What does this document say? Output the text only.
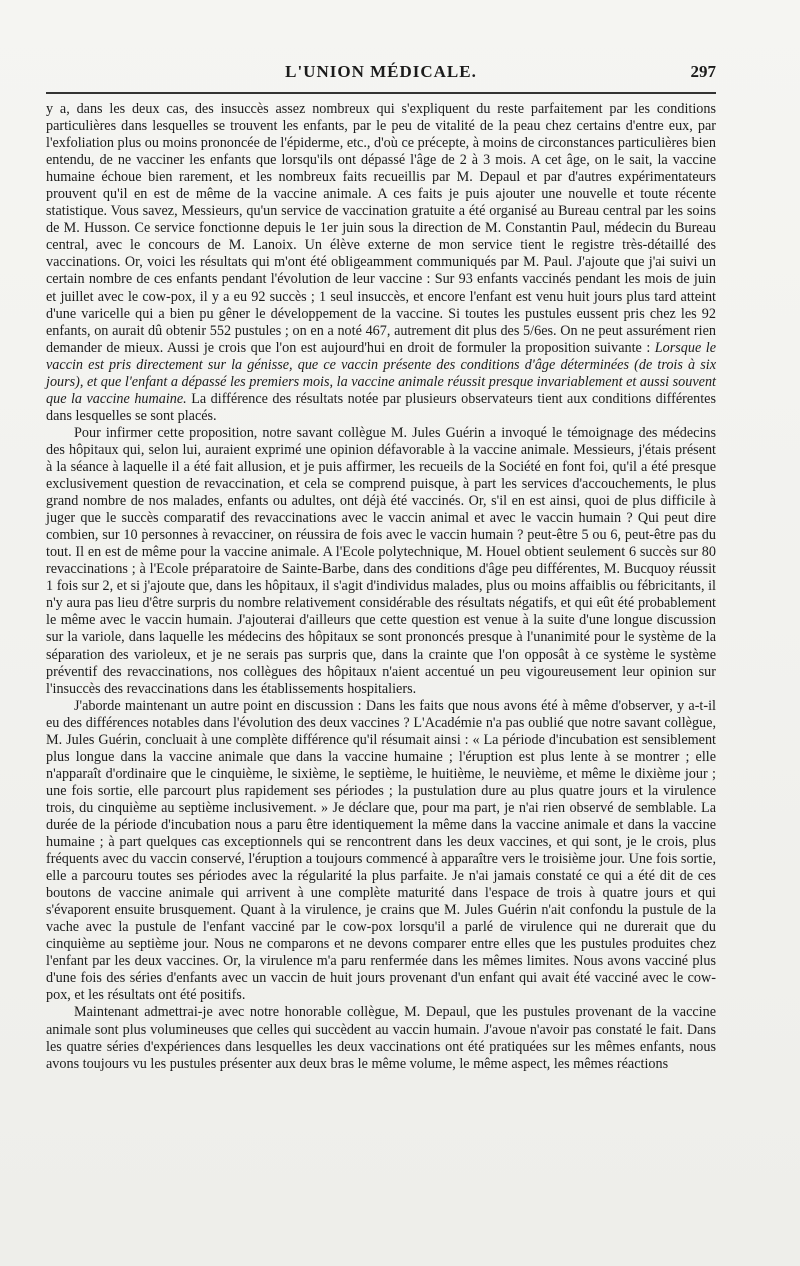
L'UNION MÉDICALE.	297

y a, dans les deux cas, des insuccès assez nombreux qui s'expliquent du reste parfaitement par les conditions particulières dans lesquelles se trouvent les enfants, par le peu de vitalité de la peau chez certains d'entre eux, par l'exfoliation plus ou moins prononcée de l'épiderme, etc., d'où ce précepte, à moins de circonstances particulières bien entendu, de ne vacciner les enfants que lorsqu'ils ont dépassé l'âge de 2 à 3 mois. A cet âge, on le sait, la vaccine humaine échoue bien rarement, et les nombreux faits recueillis par M. Depaul et par d'autres expérimentateurs prouvent qu'il en est de même de la vaccine animale. A ces faits je puis ajouter une nouvelle et toute récente statistique. Vous savez, Messieurs, qu'un service de vaccination gratuite a été organisé au Bureau central par les soins de M. Husson. Ce service fonctionne depuis le 1er juin sous la direction de M. Constantin Paul, médecin du Bureau central, avec le concours de M. Lanoix. Un élève externe de mon service tient le registre très-détaillé des vaccinations. Or, voici les résultats qui m'ont été obligeamment communiqués par M. Paul. J'ajoute que j'ai suivi un certain nombre de ces enfants pendant l'évolution de leur vaccine : Sur 93 enfants vaccinés pendant les mois de juin et juillet avec le cow-pox, il y a eu 92 succès ; 1 seul insuccès, et encore l'enfant est venu huit jours plus tard atteint d'une varicelle qui a bien pu gêner le développement de la vaccine. Si toutes les pustules eussent pris chez les 92 enfants, on aurait dû obtenir 552 pustules ; on en a noté 467, autrement dit plus des 5/6es. On ne peut assurément rien demander de mieux. Aussi je crois que l'on est aujourd'hui en droit de formuler la proposition suivante : Lorsque le vaccin est pris directement sur la génisse, que ce vaccin présente des conditions d'âge déterminées (de trois à six jours), et que l'enfant a dépassé les premiers mois, la vaccine animale réussit presque invariablement et aussi souvent que la vaccine humaine. La différence des résultats notée par plusieurs observateurs tient aux conditions différentes dans lesquelles se sont placés.

Pour infirmer cette proposition, notre savant collègue M. Jules Guérin a invoqué le témoignage des médecins des hôpitaux qui, selon lui, auraient exprimé une opinion défavorable à la vaccine animale. Messieurs, j'étais présent à la séance à laquelle il a été fait allusion, et je puis affirmer, les recueils de la Société en font foi, qu'il a été presque exclusivement question de revaccination, et cela se comprend puisque, à part les services d'accouchements, le plus grand nombre de nos malades, enfants ou adultes, ont déjà été vaccinés. Or, s'il en est ainsi, quoi de plus difficile à juger que le succès comparatif des revaccinations avec le vaccin animal et avec le vaccin humain ? Qui peut dire combien, sur 10 personnes à revacciner, on réussira de fois avec le vaccin humain ? peut-être 5 ou 6, peut-être pas du tout. Il en est de même pour la vaccine animale. A l'Ecole polytechnique, M. Houel obtient seulement 6 succès sur 80 revaccinations ; à l'Ecole préparatoire de Sainte-Barbe, dans des conditions d'âge peu différentes, M. Bucquoy réussit 1 fois sur 2, et si j'ajoute que, dans les hôpitaux, il s'agit d'individus malades, plus ou moins affaiblis ou fébricitants, il n'y aura pas lieu d'être surpris du nombre relativement considérable des résultats négatifs, et qui eût été probablement le même avec le vaccin humain. J'ajouterai d'ailleurs que cette question est venue à la suite d'une longue discussion sur la variole, dans laquelle les médecins des hôpitaux se sont prononcés presque à l'unanimité pour le système de la séparation des varioleux, et je ne serais pas surpris que, dans la crainte que l'on opposât à ce système le système préventif des revaccinations, nos collègues des hôpitaux n'aient accentué un peu vigoureusement leur opinion sur l'insuccès des revaccinations dans les établissements hospitaliers.

J'aborde maintenant un autre point en discussion : Dans les faits que nous avons été à même d'observer, y a-t-il eu des différences notables dans l'évolution des deux vaccines ? L'Académie n'a pas oublié que notre savant collègue, M. Jules Guérin, concluait à une complète différence qu'il résumait ainsi : « La période d'incubation est sensiblement plus longue dans la vaccine animale que dans la vaccine humaine ; l'éruption est plus lente à se montrer ; elle n'apparaît d'ordinaire que le cinquième, le sixième, le septième, le huitième, le neuvième, et même le dixième jour ; une fois sortie, elle parcourt plus rapidement ses périodes ; la pustulation dure au plus quatre jours et la virulence trois, du cinquième au septième inclusivement. » Je déclare que, pour ma part, je n'ai rien observé de semblable. La durée de la période d'incubation nous a paru être identiquement la même dans la vaccine animale et dans la vaccine humaine ; à part quelques cas exceptionnels qui se rencontrent dans les deux vaccines, et qui sont, je le crois, plus fréquents avec du vaccin conservé, l'éruption a toujours commencé à apparaître vers le troisième jour. Une fois sortie, elle a parcouru toutes ses périodes avec la régularité la plus parfaite. Je n'ai jamais constaté ce qui a été dit de ces boutons de vaccine animale qui arrivent à une complète maturité dans l'espace de trois à quatre jours et qui s'évaporent ensuite brusquement. Quant à la virulence, je crains que M. Jules Guérin n'ait confondu la pustule de la vache avec la pustule de l'enfant vacciné par le cow-pox lorsqu'il a parlé de virulence qui ne durerait que du cinquième au septième jour. Nous ne comparons et ne devons comparer entre elles que les pustules produites chez l'enfant par les deux vaccines. Or, la virulence m'a paru renfermée dans les mêmes limites. Nous avons vacciné plus d'une fois des séries d'enfants avec un vaccin de huit jours provenant d'un enfant qui avait été vacciné avec le cow-pox, et les résultats ont été positifs.

Maintenant admettrai-je avec notre honorable collègue, M. Depaul, que les pustules provenant de la vaccine animale sont plus volumineuses que celles qui succèdent au vaccin humain. J'avoue n'avoir pas constaté le fait. Dans les quatre séries d'expériences dans lesquelles les deux vaccinations ont été pratiquées sur les mêmes enfants, nous avons toujours vu les pustules présenter aux deux bras le même volume, le même aspect, les mêmes réactions
